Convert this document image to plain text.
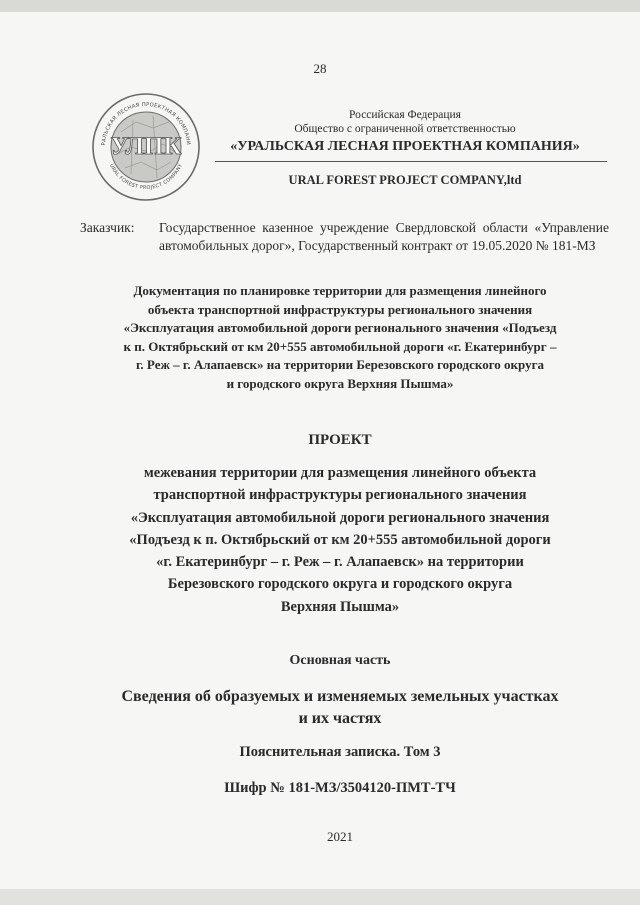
28
РАЛЬСКАЯ ЛЕСНАЯ ПРОЕКТНАЯ КОМПАНИ
URAL FOREST PROJECT COMPANY
УЛПК
Российская Федерация
Общество с ограниченной ответственностью
«УРАЛЬСКАЯ ЛЕСНАЯ ПРОЕКТНАЯ КОМПАНИЯ»
URAL FOREST PROJECT COMPANY,ltd
Заказчик: Государственное казенное учреждение Свердловской области «Управление автомобильных дорог», Государственный контракт от 19.05.2020 № 181-МЗ
Документация по планировке территории для размещения линейного
объекта транспортной инфраструктуры регионального значения
«Эксплуатация автомобильной дороги регионального значения «Подъезд
к п. Октябрьский от км 20+555 автомобильной дороги «г. Екатеринбург –
г. Реж – г. Алапаевск» на территории Березовского городского округа
и городского округа Верхняя Пышма»
ПРОЕКТ
межевания территории для размещения линейного объекта
транспортной инфраструктуры регионального значения
«Эксплуатация автомобильной дороги регионального значения
«Подъезд к п. Октябрьский от км 20+555 автомобильной дороги
«г. Екатеринбург – г. Реж – г. Алапаевск» на территории
Березовского городского округа и городского округа
Верхняя Пышма»
Основная часть
Сведения об образуемых и изменяемых земельных участках
и их частях
Пояснительная записка. Том 3
Шифр № 181-МЗ/3504120-ПМТ-ТЧ
2021
